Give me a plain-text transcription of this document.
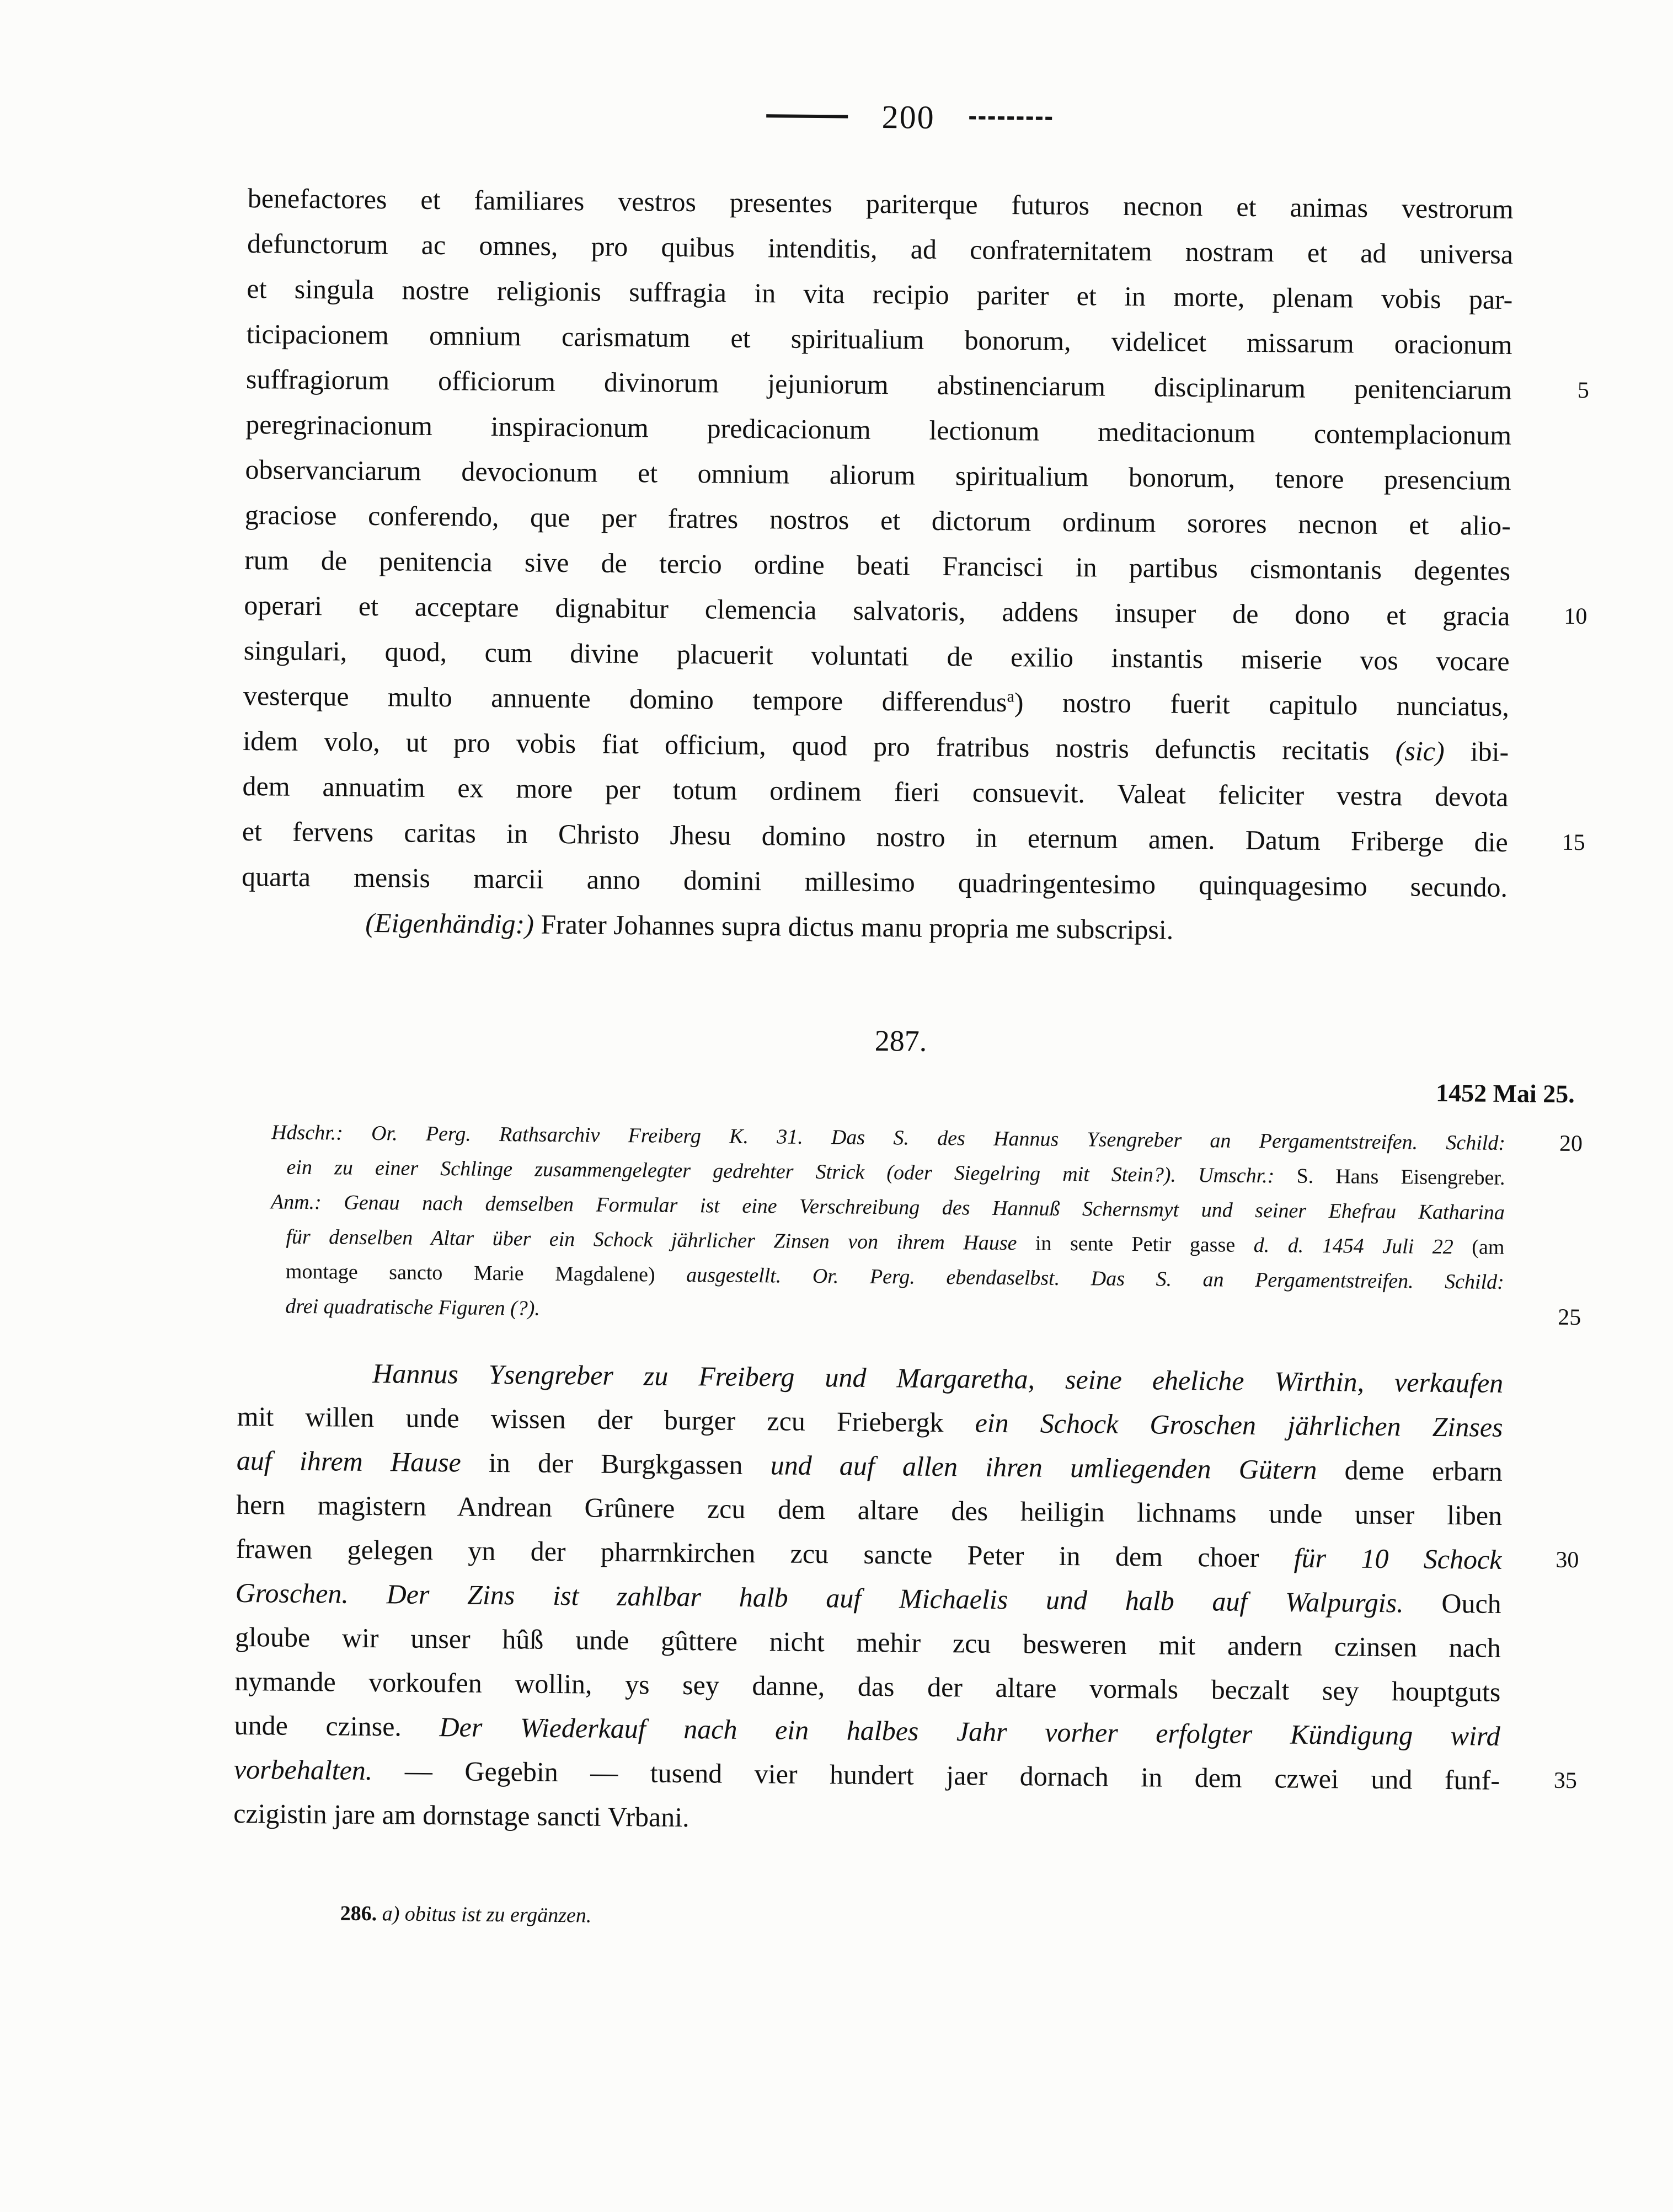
200
benefactores et familiares vestros presentes pariterque futuros necnon et animas vestrorum
defunctorum ac omnes, pro quibus intenditis, ad confraternitatem nostram et ad universa
et singula nostre religionis suffragia in vita recipio pariter et in morte, plenam vobis par-
ticipacionem omnium carismatum et spiritualium bonorum, videlicet missarum oracionum
suffragiorum officiorum divinorum jejuniorum abstinenciarum disciplinarum penitenciarum	5
peregrinacionum inspiracionum predicacionum lectionum meditacionum contemplacionum
observanciarum devocionum et omnium aliorum spiritualium bonorum, tenore presencium
graciose conferendo, que per fratres nostros et dictorum ordinum sorores necnon et alio-
rum de penitencia sive de tercio ordine beati Francisci in partibus cismontanis degentes
operari et acceptare dignabitur clemencia salvatoris, addens insuper de dono et gracia	10
singulari, quod, cum divine placuerit voluntati de exilio instantis miserie vos vocare
vesterque multo annuente domino tempore differendus$^a$) nostro fuerit capitulo nunciatus,
idem volo, ut pro vobis fiat officium, quod pro fratribus nostris defunctis recitatis (sic) ibi-
dem annuatim ex more per totum ordinem fieri consuevit. Valeat feliciter vestra devota
et fervens caritas in Christo Jhesu domino nostro in eternum amen. Datum Friberge die	15
quarta mensis marcii anno domini millesimo quadringentesimo quinquagesimo secundo.
(Eigenhändig:) Frater Johannes supra dictus manu propria me subscripsi.
287.
1452 Mai 25.
Hdschr.: Or. Perg. Rathsarchiv Freiberg K. 31. Das S. des Hannus Ysengreber an Pergamentstreifen. Schild:	20
ein zu einer Schlinge zusammengelegter gedrehter Strick (oder Siegelring mit Stein?). Umschr.: S. Hans Eisengreber.
Anm.: Genau nach demselben Formular ist eine Verschreibung des Hannuß Schernsmyt und seiner Ehefrau Katharina
für denselben Altar über ein Schock jährlicher Zinsen von ihrem Hause in sente Petir gasse d. d. 1454 Juli 22 (am
montage sancto Marie Magdalene) ausgestellt. Or. Perg. ebendaselbst. Das S. an Pergamentstreifen. Schild:
drei quadratische Figuren (?).	25
Hannus Ysengreber zu Freiberg und Margaretha, seine eheliche Wirthin, verkaufen
mit willen unde wissen der burger zcu Friebergk ein Schock Groschen jährlichen Zinses
auf ihrem Hause in der Burgkgassen und auf allen ihren umliegenden Gütern deme erbarn
hern magistern Andrean Grûnere zcu dem altare des heiligin lichnams unde unser liben
frawen gelegen yn der pharrnkirchen zcu sancte Peter in dem choer für 10 Schock	30
Groschen. Der Zins ist zahlbar halb auf Michaelis und halb auf Walpurgis. Ouch
gloube wir unser hûß unde gûttere nicht mehir zcu besweren mit andern czinsen nach
nymande vorkoufen wollin, ys sey danne, das der altare vormals beczalt sey houptguts
unde czinse. Der Wiederkauf nach ein halbes Jahr vorher erfolgter Kündigung wird
vorbehalten. — Gegebin — tusend vier hundert jaer dornach in dem czwei und funf-	35
czigistin jare am dornstage sancti Vrbani.
286. a) obitus ist zu ergänzen.
